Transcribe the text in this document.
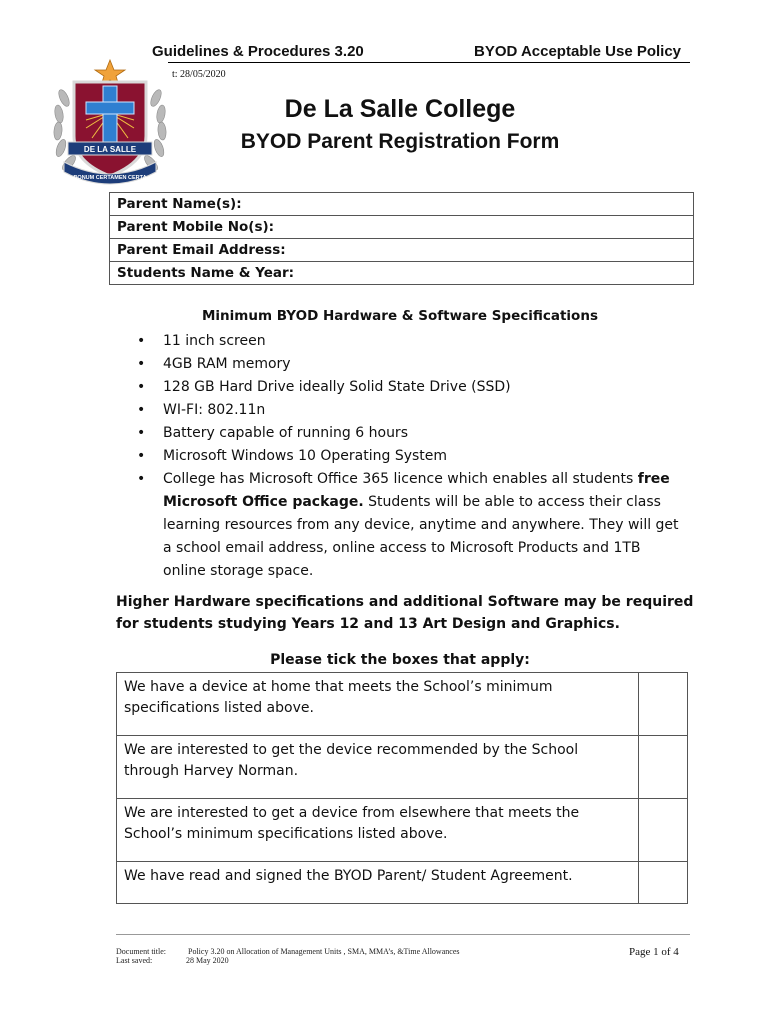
Guidelines & Procedures 3.20	BYOD Acceptable Use Policy
t: 28/05/2020
DE LA SALLE
BONUM CERTAMEN CERTA
De La Salle College
BYOD Parent Registration Form
Parent Name(s):
Parent Mobile No(s):
Parent Email Address:
Students Name & Year:
Minimum BYOD Hardware & Software Specifications
• 11 inch screen
• 4GB RAM memory
• 128 GB Hard Drive ideally Solid State Drive (SSD)
• WI-FI: 802.11n
• Battery capable of running 6 hours
• Microsoft Windows 10 Operating System
• College has Microsoft Office 365 licence which enables all students free Microsoft Office package. Students will be able to access their class learning resources from any device, anytime and anywhere. They will get a school email address, online access to Microsoft Products and 1TB online storage space.
Higher Hardware specifications and additional Software may be required for students studying Years 12 and 13 Art Design and Graphics.
Please tick the boxes that apply:
We have a device at home that meets the School’s minimum specifications listed above.	
We are interested to get the device recommended by the School through Harvey Norman.	
We are interested to get a device from elsewhere that meets the School’s minimum specifications listed above.	
We have read and signed the BYOD Parent/ Student Agreement.	
Document title:
Last saved:
Policy 3.20 on Allocation of Management Units , SMA, MMA’s, &Time Allowances
28 May 2020
Page 1 of 4
